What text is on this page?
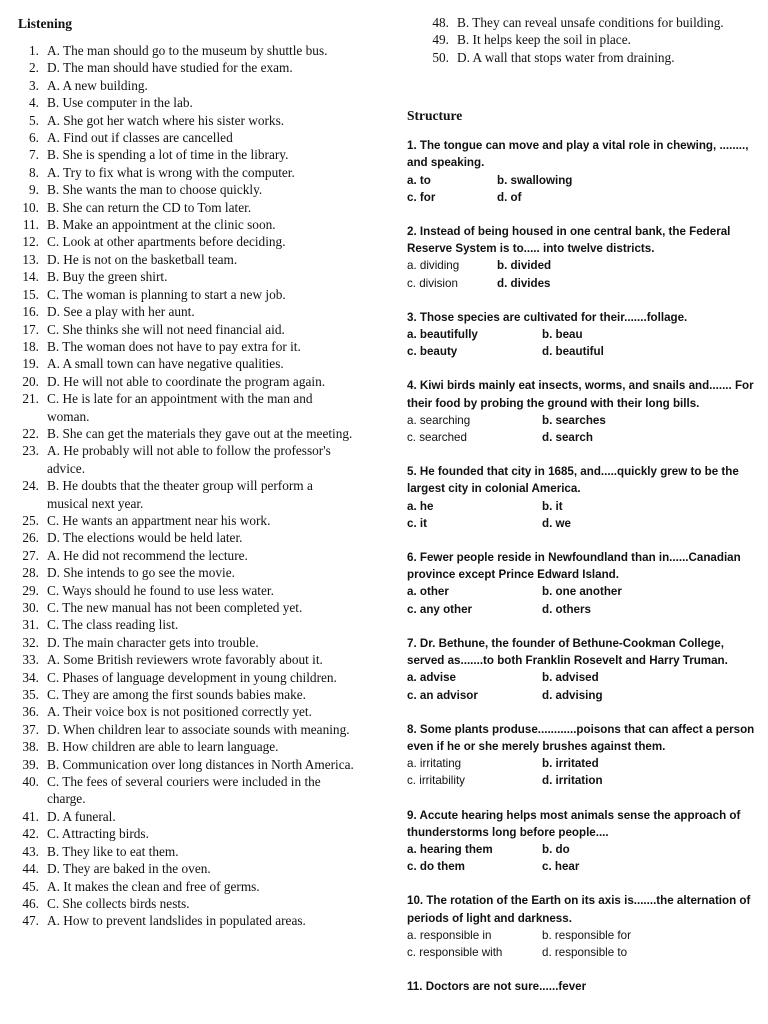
Listening
1. A. The man should go to the museum by shuttle bus.
2. D. The man should have studied for the exam.
3. A. A new building.
4. B. Use computer in the lab.
5. A. She got her watch where his sister works.
6. A. Find out if classes are cancelled
7. B. She is spending a lot of time in the library.
8. A. Try to fix what is wrong with the computer.
9. B. She wants the man to choose quickly.
10. B. She can return the CD to Tom later.
11. B. Make an appointment at the clinic soon.
12. C. Look at other apartments before deciding.
13. D. He is not on the basketball team.
14. B. Buy the green shirt.
15. C. The woman is planning to start a new job.
16. D. See a play with her aunt.
17. C. She thinks she will not need financial aid.
18. B. The woman does not have to pay extra for it.
19. A. A small town can have negative qualities.
20. D. He will not able to coordinate the program again.
21. C. He is late for an appointment with the man and woman.
22. B. She can get the materials they gave out at the meeting.
23. A. He probably will not able to follow the professor's advice.
24. B. He doubts that the theater group will perform a musical next year.
25. C. He wants an appartment near his work.
26. D. The elections would be held later.
27. A. He did not recommend the lecture.
28. D. She intends to go see the movie.
29. C. Ways should he found to use less water.
30. C. The new manual has not been completed yet.
31. C. The class reading list.
32. D. The main character gets into trouble.
33. A. Some British reviewers wrote favorably about it.
34. C. Phases of language development in young children.
35. C. They are among the first sounds babies make.
36. A. Their voice box is not positioned correctly yet.
37. D. When children lear to associate sounds with meaning.
38. B. How children are able to learn language.
39. B. Communication over long distances in North America.
40. C. The fees of several couriers were included in the charge.
41. D. A funeral.
42. C. Attracting birds.
43. B. They like to eat them.
44. D. They are baked in the oven.
45. A. It makes the clean and free of germs.
46. C. She collects birds nests.
47. A. How to prevent landslides in populated areas.
48. B. They can reveal unsafe conditions for building.
49. B. It helps keep the soil in place.
50. D. A wall that stops water from draining.
Structure
1. The tongue can move and play a vital role in chewing, ........, and speaking.
a. to	b. swallowing
c. for	d. of
2. Instead of being housed in one central bank, the Federal Reserve System is to..... into twelve districts.
a. dividing	b. divided
c. division	d. divides
3. Those species are cultivated for their.......follage.
a. beautifully	b. beau
c. beauty	d. beautiful
4. Kiwi birds mainly eat insects, worms, and snails and....... For their food by probing the ground with their long bills.
a. searching	b. searches
c. searched	d. search
5. He founded that city in 1685, and.....quickly grew to be the largest city in colonial America.
a. he	b. it
c. it	d. we
6. Fewer people reside in Newfoundland than in......Canadian province except Prince Edward Island.
a. other	b. one another
c. any other	d. others
7. Dr. Bethune, the founder of Bethune-Cookman College, served as.......to both Franklin Rosevelt and Harry Truman.
a. advise	b. advised
c. an advisor	d. advising
8. Some plants produse............poisons that can affect a person even if he or she merely brushes against them.
a. irritating	b. irritated
c. irritability	d. irritation
9. Accute hearing helps most animals sense the approach of thunderstorms long before people....
a. hearing them	b. do
c. do them	c. hear
10. The rotation of the Earth on its axis is.......the alternation of periods of light and darkness.
a. responsible in	b. responsible for
c. responsible with	d. responsible to
11. Doctors are not sure......fever
